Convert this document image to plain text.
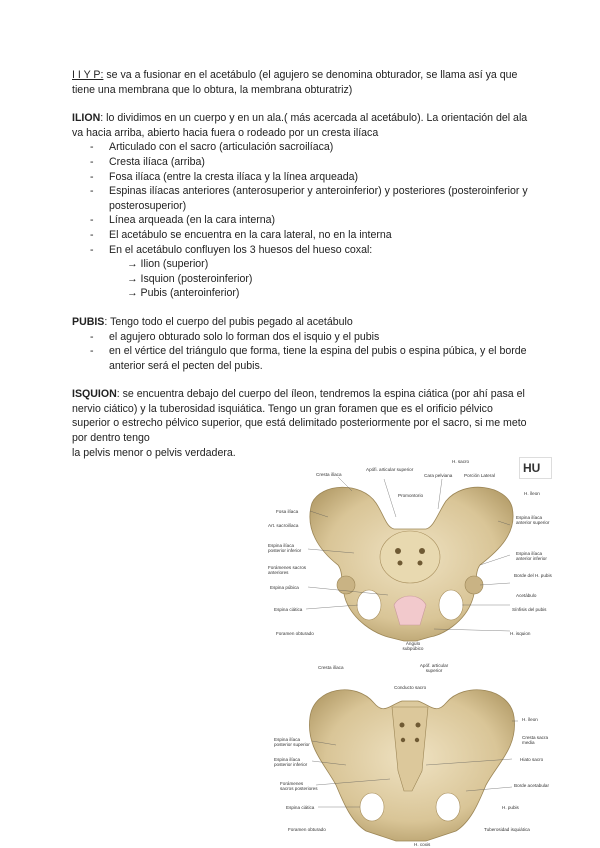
I I Y P: se va a fusionar en el acetábulo (el agujero se denomina obturador, se llama así ya que tiene una membrana que lo obtura, la membrana obturatriz)

ILION: lo dividimos en un cuerpo y en un ala.( más acercada al acetábulo). La orientación del ala va hacia arriba, abierto hacia fuera o rodeado por un cresta ilíaca
- Articulado con el sacro (articulación sacroilíaca)
- Cresta ilíaca (arriba)
- Fosa ilíaca (entre la cresta ilíaca y la línea arqueada)
- Espinas ilíacas anteriores (anterosuperior y anteroinferior) y posteriores (posteroinferior y posterosuperior)
- Línea arqueada (en la cara interna)
- El acetábulo se encuentra en la cara lateral, no en la interna
- En el acetábulo confluyen los 3 huesos del hueso coxal:
→ Ilion (superior)
→ Isquion (posteroinferior)
→ Pubis (anteroinferior)
PUBIS: Tengo todo el cuerpo del pubis pegado al acetábulo
- el agujero obturado solo lo forman dos el isquio y el pubis
- en el vértice del triángulo que forma, tiene la espina del pubis o espina púbica, y el borde anterior será el pecten del pubis.
ISQUION: se encuentra debajo del cuerpo del íleon, tendremos la espina ciática (por ahí pasa el nervio ciático) y la tuberosidad isquiática. Tengo un gran foramen que es el orificio pélvico superior o estrecho pélvico superior, que está delimitado posteriormente por el sacro, si me meto por dentro tengo
la pelvis menor o pelvis verdadera.
HU
Cresta ilíaca
Apófi. articular superior
H. sacro
Cara pelviana	Porción Lateral
Promontorio
Fosa ilíaca
Art. sacroilíaca
Espina ilíaca posterior inferior
Forámenes sacros anteriores
Espina púbica
Espina ciática
Foramen obturado
Ángulo subpúbico
Espina ilíaca anterior superior
Espina ilíaca anterior inferior
Borde del H. pubis
Acetábulo
Sínfisis del pubis
H. isquion
H. íleon
Cresta ilíaca	Apóf. articular superior
Conducto sacro
H. íleon
Espina ilíaca posterior superior
Cresta sacra media
Espina ilíaca posterior inferior
Hiato sacro
Forámenes sacros posteriores
Borde acetabular
Espina ciática	H. pubis
Foramen obturado	Tuberosidad isquiática
H. coxis
